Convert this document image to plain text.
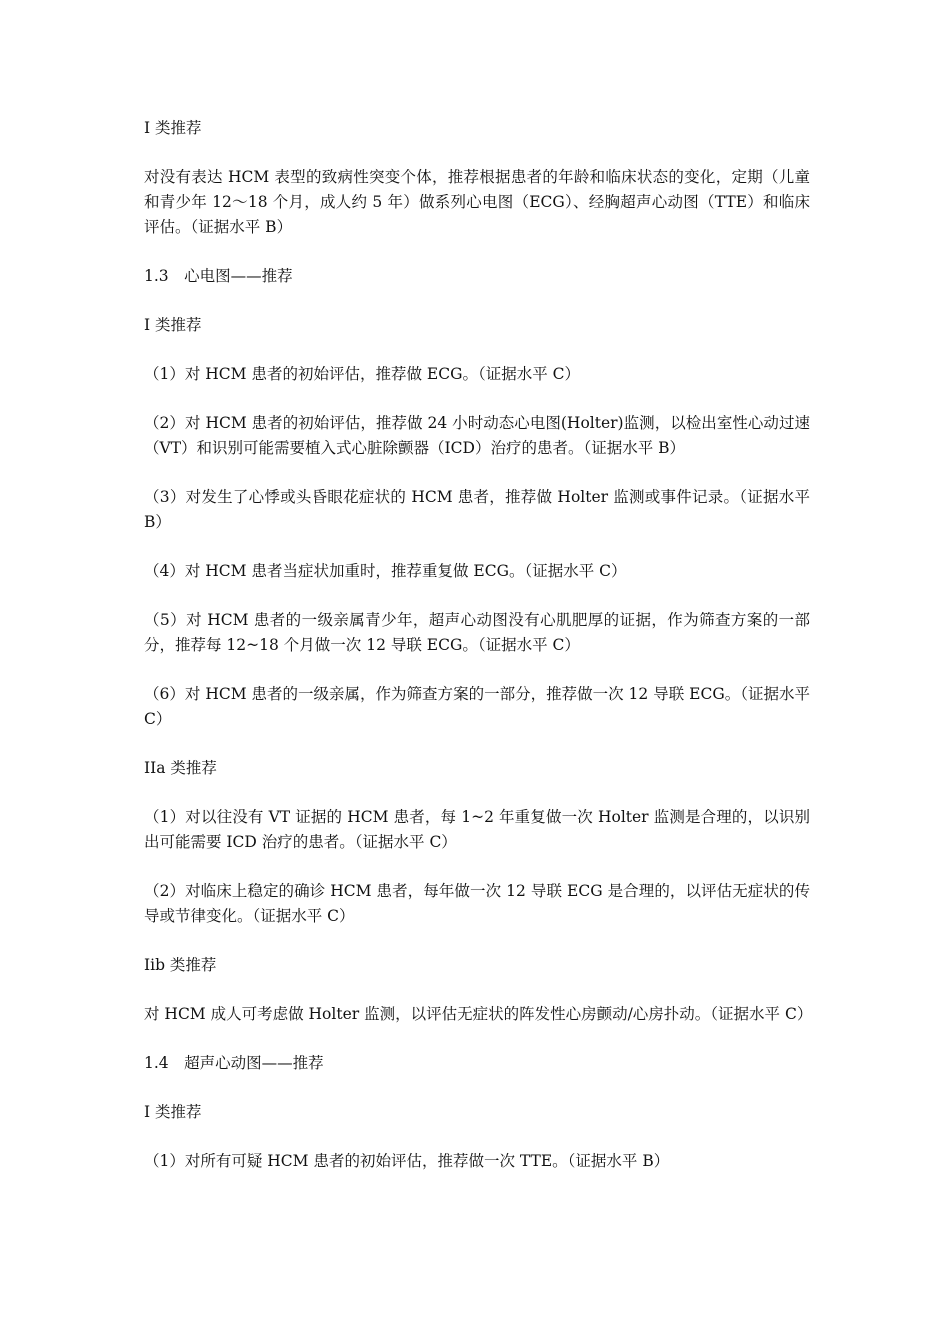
I 类推荐

对没有表达 HCM 表型的致病性突变个体，推荐根据患者的年龄和临床状态的变化，定期（儿童和青少年 12～18 个月，成人约 5 年）做系列心电图（ECG）、经胸超声心动图（TTE）和临床评估。（证据水平 B）

1.3　心电图——推荐

I 类推荐

（1）对 HCM 患者的初始评估，推荐做 ECG。（证据水平 C）

（2）对 HCM 患者的初始评估，推荐做 24 小时动态心电图(Holter)监测，以检出室性心动过速（VT）和识别可能需要植入式心脏除颤器（ICD）治疗的患者。（证据水平 B）

（3）对发生了心悸或头昏眼花症状的 HCM 患者，推荐做 Holter 监测或事件记录。（证据水平 B）

（4）对 HCM 患者当症状加重时，推荐重复做 ECG。（证据水平 C）

（5）对 HCM 患者的一级亲属青少年，超声心动图没有心肌肥厚的证据，作为筛查方案的一部分，推荐每 12~18 个月做一次 12 导联 ECG。（证据水平 C）

（6）对 HCM 患者的一级亲属，作为筛查方案的一部分，推荐做一次 12 导联 ECG。（证据水平 C）

IIa 类推荐

（1）对以往没有 VT 证据的 HCM 患者，每 1~2 年重复做一次 Holter 监测是合理的，以识别出可能需要 ICD 治疗的患者。（证据水平 C）

（2）对临床上稳定的确诊 HCM 患者，每年做一次 12 导联 ECG 是合理的，以评估无症状的传导或节律变化。（证据水平 C）

Iib 类推荐

对 HCM 成人可考虑做 Holter 监测，以评估无症状的阵发性心房颤动/心房扑动。（证据水平 C）

1.4　超声心动图——推荐

I 类推荐

（1）对所有可疑 HCM 患者的初始评估，推荐做一次 TTE。（证据水平 B）
